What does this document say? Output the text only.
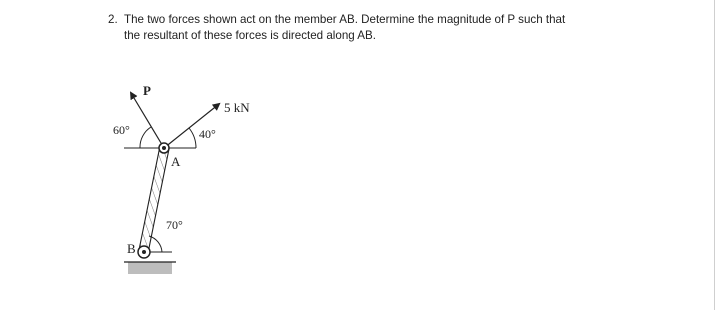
2. The two forces shown act on the member AB. Determine the magnitude of P such that
the resultant of these forces is directed along AB.
70°
B
P
60°
5 kN
40°
A
